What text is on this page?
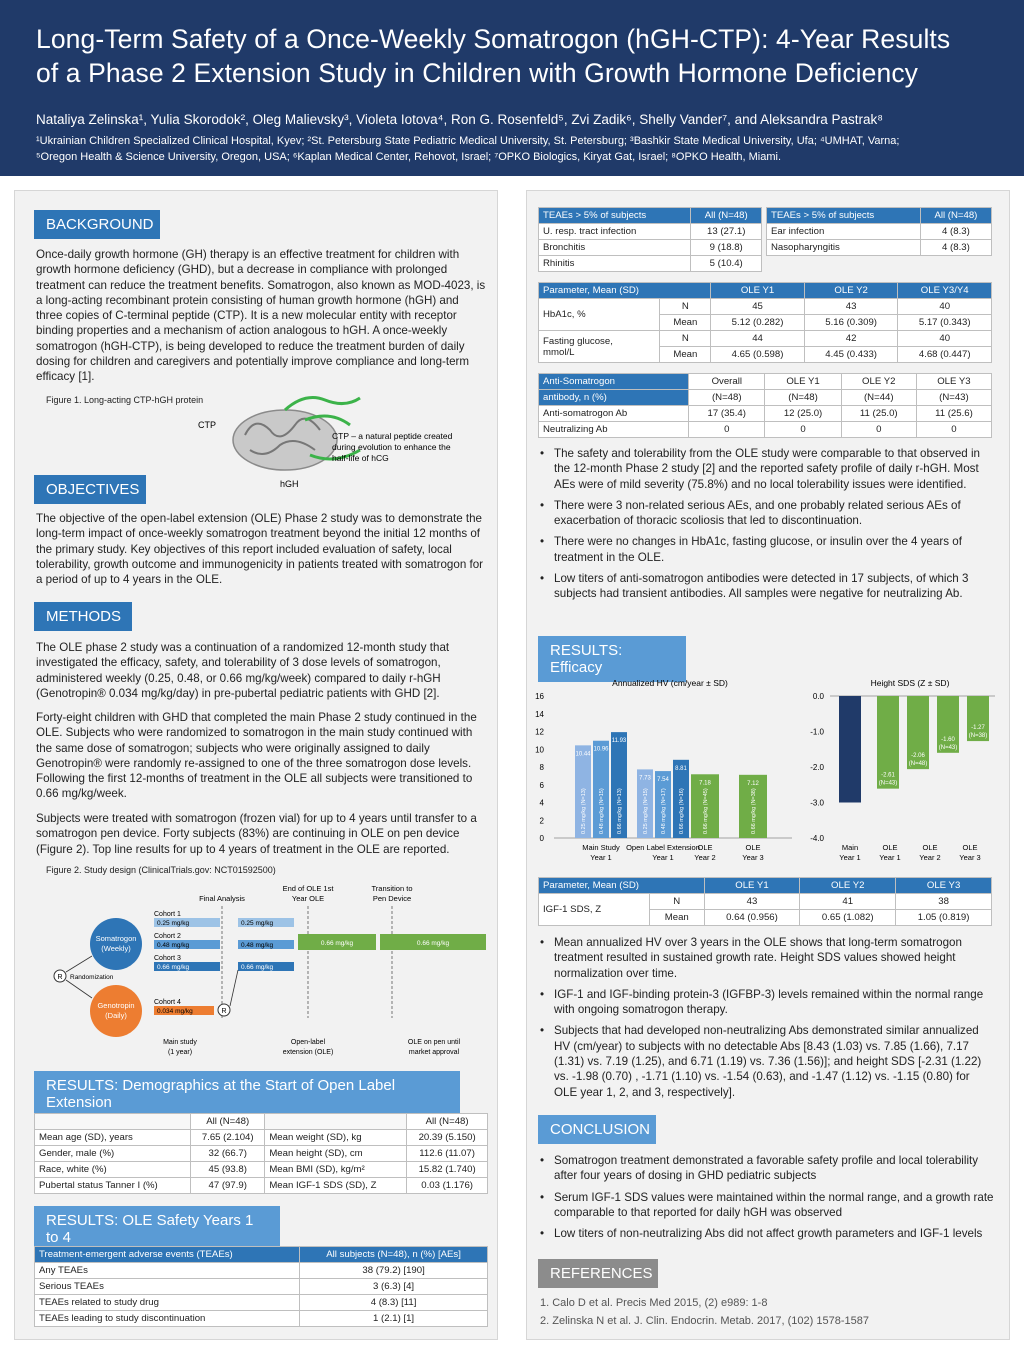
Long-Term Safety of a Once-Weekly Somatrogon (hGH-CTP): 4-Year Results
of a Phase 2 Extension Study in Children with Growth Hormone Deficiency
Nataliya Zelinska¹, Yulia Skorodok², Oleg Malievsky³, Violeta Iotova⁴, Ron G. Rosenfeld⁵, Zvi Zadik⁶, Shelly Vander⁷, and Aleksandra Pastrak⁸
¹Ukrainian Children Specialized Clinical Hospital, Kyev; ²St. Petersburg State Pediatric Medical University, St. Petersburg; ³Bashkir State Medical University, Ufa; ⁴UMHAT, Varna;
⁵Oregon Health & Science University, Oregon, USA; ⁶Kaplan Medical Center, Rehovot, Israel; ⁷OPKO Biologics, Kiryat Gat, Israel; ⁸OPKO Health, Miami.
BACKGROUND
Once-daily growth hormone (GH) therapy is an effective treatment for children with growth hormone deficiency (GHD), but a decrease in compliance with prolonged treatment can reduce the treatment benefits. Somatrogon, also known as MOD-4023, is a long-acting recombinant protein consisting of human growth hormone (hGH) and three copies of C-terminal peptide (CTP). It is a new molecular entity with receptor binding properties and a mechanism of action analogous to hGH. A once-weekly somatrogon (hGH-CTP), is being developed to reduce the treatment burden of daily dosing for children and caregivers and potentially improve compliance and long-term efficacy [1].
Figure 1. Long-acting CTP-hGH protein
CTP
CTP – a natural peptide created
during evolution to enhance the
half-life of hCG
hGH
OBJECTIVES
The objective of the open-label extension (OLE) Phase 2 study was to demonstrate the long-term impact of once-weekly somatrogon treatment beyond the initial 12 months of the primary study. Key objectives of this report included evaluation of safety, local tolerability, growth outcome and immunogenicity in patients treated with somatrogon for a period of up to 4 years in the OLE.
METHODS
The OLE phase 2 study was a continuation of a randomized 12-month study that investigated the efficacy, safety, and tolerability of 3 dose levels of somatrogon, administered weekly (0.25, 0.48, or 0.66 mg/kg/week) compared to daily r-hGH (Genotropin® 0.034 mg/kg/day) in pre-pubertal pediatric patients with GHD [2].
Forty-eight children with GHD that completed the main Phase 2 study continued in the OLE. Subjects who were randomized to somatrogon in the main study continued with the same dose of somatrogon; subjects who were originally assigned to daily Genotropin® were randomly re-assigned to one of the three somatrogon dose levels. Following the first 12-months of treatment in the OLE all subjects were transitioned to 0.66 mg/kg/week.
Subjects were treated with somatrogon (frozen vial) for up to 4 years until transfer to a somatrogon pen device. Forty subjects (83%) are continuing in OLE on pen device (Figure 2). Top line results for up to 4 years of treatment in the OLE are reported.
Figure 2. Study design (ClinicalTrials.gov: NCT01592500)
End of OLE 1st
Year OLE
Transition to
Pen Device
Final Analysis
Somatrogon
(Weekly)
Genotropin
(Daily)
R Randomization
Cohort 1
0.25 mg/kg	0.25 mg/kg
Cohort 2
0.48 mg/kg	0.48 mg/kg
Cohort 3
0.66 mg/kg	0.66 mg/kg
0.66 mg/kg	0.66 mg/kg
Cohort 4
0.034 mg/kg	R
Main study
(1 year)
Open-label
extension (OLE)
OLE on pen until
market approval
RESULTS: Demographics at the Start of Open Label Extension
	All (N=48)		All (N=48)
Mean age (SD), years	7.65 (2.104)	Mean weight (SD), kg	20.39 (5.150)
Gender, male (%)	32 (66.7)	Mean height (SD), cm	112.6 (11.07)
Race, white (%)	45 (93.8)	Mean BMI (SD), kg/m²	15.82 (1.740)
Pubertal status Tanner I (%)	47 (97.9)	Mean IGF-1 SDS (SD), Z	0.03 (1.176)
RESULTS: OLE Safety Years 1 to 4
Treatment-emergent adverse events (TEAEs)	All subjects (N=48), n (%) [AEs]
Any TEAEs	38 (79.2) [190]
Serious TEAEs	3 (6.3) [4]
TEAEs related to study drug	4 (8.3) [11]
TEAEs leading to study discontinuation	1 (2.1) [1]
TEAEs > 5% of subjects	All (N=48)
U. resp. tract infection	13 (27.1)
Bronchitis	9 (18.8)
Rhinitis	5 (10.4)
TEAEs > 5% of subjects	All (N=48)
Ear infection	4 (8.3)
Nasopharyngitis	4 (8.3)
Parameter, Mean (SD)		OLE Y1	OLE Y2	OLE Y3/Y4
HbA1c, %	N	45	43	40
	Mean	5.12 (0.282)	5.16 (0.309)	5.17 (0.343)
Fasting glucose,
mmol/L	N	44	42	40
	Mean	4.65 (0.598)	4.45 (0.433)	4.68 (0.447)
Anti-Somatrogon	Overall	OLE Y1	OLE Y2	OLE Y3
antibody, n (%)	(N=48)	(N=48)	(N=44)	(N=43)
Anti-somatrogon Ab	17 (35.4)	12 (25.0)	11 (25.0)	11 (25.6)
Neutralizing Ab	0	0	0	0
• The safety and tolerability from the OLE study were comparable to that observed in the 12-month Phase 2 study [2] and the reported safety profile of daily r-hGH. Most AEs were of mild severity (75.8%) and no local tolerability issues were identified.
• There were 3 non-related serious AEs, and one probably related serious AEs of exacerbation of thoracic scoliosis that led to discontinuation.
• There were no changes in HbA1c, fasting glucose, or insulin over the 4 years of treatment in the OLE.
• Low titers of anti-somatrogon antibodies were detected in 17 subjects, of which 3 subjects had transient antibodies. All samples were negative for neutralizing Ab.
RESULTS: Efficacy
Annualized HV (cm/year ± SD)
0
2
4
6
8
10
12
14
16
Main Study
Year 1
Open Label Extension
Year 1
OLE
Year 2
OLE
Year 3
10.44
0.25 mg/kg (N=13)
10.96
0.48 mg/kg (N=15)
11.93
0.66 mg/kg (N=13)
7.73
0.25 mg/kg (N=15)
7.54
0.48 mg/kg (N=17)
8.81
0.66 mg/kg (N=16)
7.18
0.66 mg/kg (N=45)
7.12
0.66 mg/kg (N=38)
Height SDS (Z ± SD)
0.0
-1.0
-2.0
-3.0
-4.0
-2.61
(N=43)
-2.06
(N=48)
-1.60
(N=43)
-1.27
(N=38)
Main
Year 1
OLE
Year 1
OLE
Year 2
OLE
Year 3
Parameter, Mean (SD)		OLE Y1	OLE Y2	OLE Y3
IGF-1 SDS, Z	N	43	41	38
	Mean	0.64 (0.956)	0.65 (1.082)	1.05 (0.819)
• Mean annualized HV over 3 years in the OLE shows that long-term somatrogon treatment resulted in sustained growth rate. Height SDS values showed height normalization over time.
• IGF-1 and IGF-binding protein-3 (IGFBP-3) levels remained within the normal range with ongoing somatrogon therapy.
• Subjects that had developed non-neutralizing Abs demonstrated similar annualized HV (cm/year) to subjects with no detectable Abs [8.43 (1.03) vs. 7.85 (1.66), 7.17 (1.31) vs. 7.19 (1.25), and 6.71 (1.19) vs. 7.36 (1.56)]; and height SDS [-2.31 (1.22) vs. -1.98 (0.70) , -1.71 (1.10) vs. -1.54 (0.63), and -1.47 (1.12) vs. -1.15 (0.80) for OLE year 1, 2, and 3, respectively].
CONCLUSION
• Somatrogon treatment demonstrated a favorable safety profile and local tolerability after four years of dosing in GHD pediatric subjects
• Serum IGF-1 SDS values were maintained within the normal range, and a growth rate comparable to that reported for daily hGH was observed
• Low titers of non-neutralizing Abs did not affect growth parameters and IGF-1 levels
REFERENCES
1. Calo D et al. Precis Med 2015, (2) e989: 1-8
2. Zelinska N et al. J. Clin. Endocrin. Metab. 2017, (102) 1578-1587
